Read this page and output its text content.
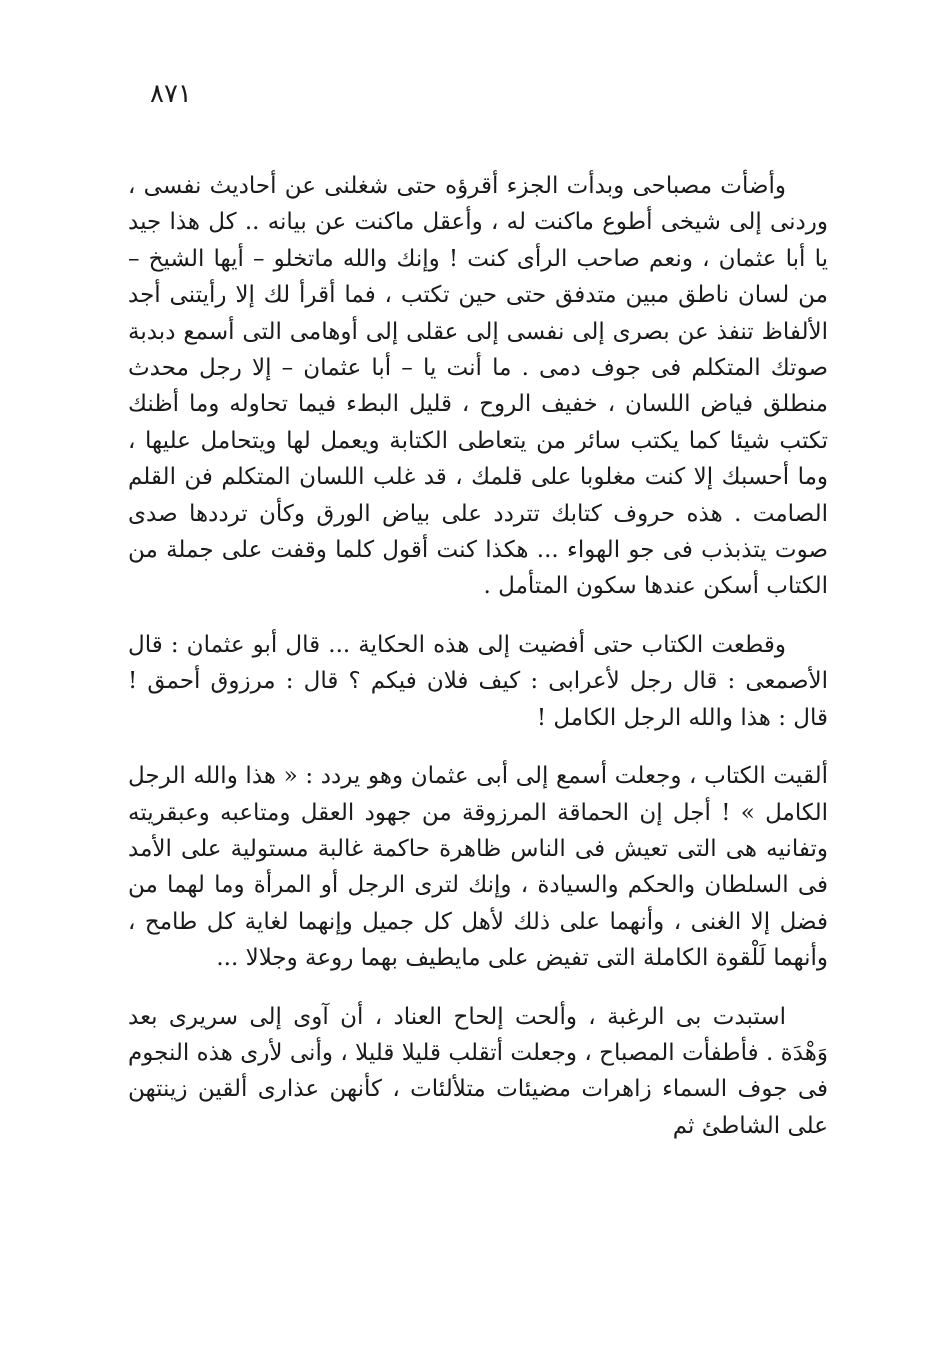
٨٧١

وأضأت مصباحى وبدأت الجزء أقرؤه حتى شغلنى عن أحاديث نفسى ، وردنى إلى شيخى أطوع ماكنت له ، وأعقل ماكنت عن بيانه .. كل هذا جيد يا أبا عثمان ، ونعم صاحب الرأى كنت ! وإنك والله ماتخلو – أيها الشيخ – من لسان ناطق مبين متدفق حتى حين تكتب ، فما أقرأ لك إلا رأيتنى أجد الألفاظ تنفذ عن بصرى إلى نفسى إلى عقلى إلى أوهامى التى أسمع دبدبة صوتك المتكلم فى جوف دمى . ما أنت يا – أبا عثمان – إلا رجل محدث منطلق فياض اللسان ، خفيف الروح ، قليل البطء فيما تحاوله وما أظنك تكتب شيئا كما يكتب سائر من يتعاطى الكتابة ويعمل لها ويتحامل عليها ، وما أحسبك إلا كنت مغلوبا على قلمك ، قد غلب اللسان المتكلم فن القلم الصامت . هذه حروف كتابك تتردد على بياض الورق وكأن ترددها صدى صوت يتذبذب فى جو الهواء ... هكذا كنت أقول كلما وقفت على جملة من الكتاب أسكن عندها سكون المتأمل .

وقطعت الكتاب حتى أفضيت إلى هذه الحكاية ... قال أبو عثمان : قال الأصمعى : قال رجل لأعرابى : كيف فلان فيكم ؟ قال : مرزوق أحمق ! قال : هذا والله الرجل الكامل !

ألقيت الكتاب ، وجعلت أسمع إلى أبى عثمان وهو يردد : « هذا والله الرجل الكامل » ! أجل إن الحماقة المرزوقة من جهود العقل ومتاعبه وعبقريته وتفانيه هى التى تعيش فى الناس ظاهرة حاكمة غالبة مستولية على الأمد فى السلطان والحكم والسيادة ، وإنك لترى الرجل أو المرأة وما لهما من فضل إلا الغنى ، وأنهما على ذلك لأهل كل جميل وإنهما لغاية كل طامح ، وأنهما لَلْقوة الكاملة التى تفيض على مايطيف بهما روعة وجلالا ...

استبدت بى الرغبة ، وألحت إلحاح العناد ، أن آوى إلى سريرى بعد وَهْدَة . فأطفأت المصباح ، وجعلت أتقلب قليلا قليلا ، وأنى لأرى هذه النجوم فى جوف السماء زاهرات مضيئات متلألئات ، كأنهن عذارى ألقين زينتهن على الشاطئ ثم
